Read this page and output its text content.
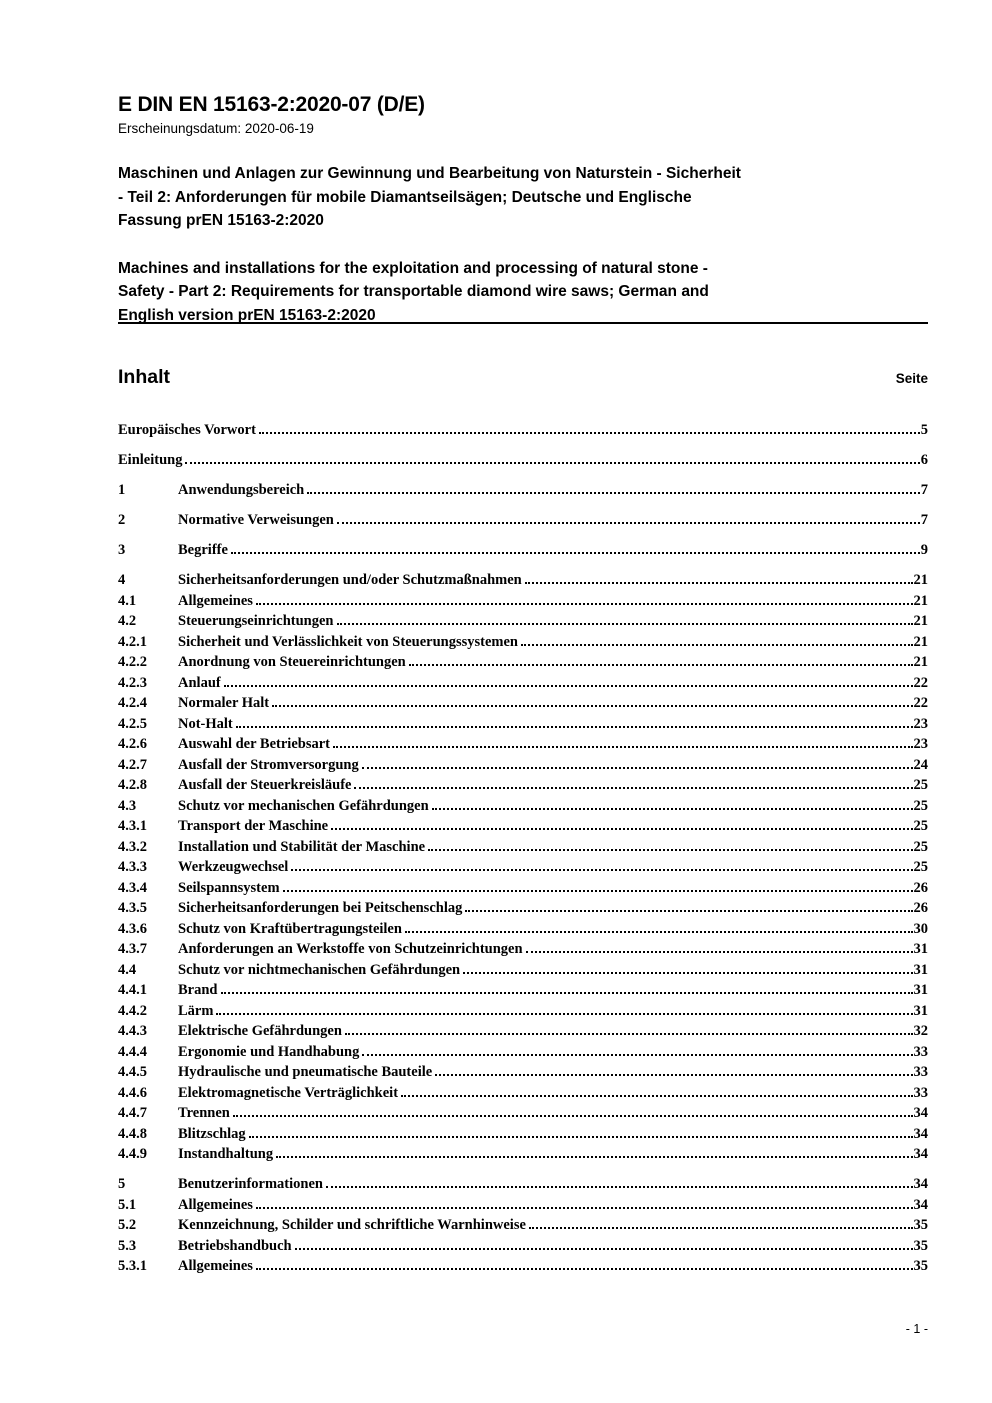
E DIN EN 15163-2:2020-07 (D/E)
Erscheinungsdatum: 2020-06-19
Maschinen und Anlagen zur Gewinnung und Bearbeitung von Naturstein - Sicherheit
- Teil 2: Anforderungen für mobile Diamantseilsägen; Deutsche und Englische
Fassung prEN 15163-2:2020
Machines and installations for the exploitation and processing of natural stone -
Safety - Part 2: Requirements for transportable diamond wire saws; German and
English version prEN 15163-2:2020
Inhalt	Seite
Europäisches Vorwort	5
Einleitung	6
1	Anwendungsbereich	7
2	Normative Verweisungen	7
3	Begriffe	9
4	Sicherheitsanforderungen und/oder Schutzmaßnahmen	21
4.1	Allgemeines	21
4.2	Steuerungseinrichtungen	21
4.2.1	Sicherheit und Verlässlichkeit von Steuerungssystemen	21
4.2.2	Anordnung von Steuereinrichtungen	21
4.2.3	Anlauf	22
4.2.4	Normaler Halt	22
4.2.5	Not-Halt	23
4.2.6	Auswahl der Betriebsart	23
4.2.7	Ausfall der Stromversorgung	24
4.2.8	Ausfall der Steuerkreisläufe	25
4.3	Schutz vor mechanischen Gefährdungen	25
4.3.1	Transport der Maschine	25
4.3.2	Installation und Stabilität der Maschine	25
4.3.3	Werkzeugwechsel	25
4.3.4	Seilspannsystem	26
4.3.5	Sicherheitsanforderungen bei Peitschenschlag	26
4.3.6	Schutz von Kraftübertragungsteilen	30
4.3.7	Anforderungen an Werkstoffe von Schutzeinrichtungen	31
4.4	Schutz vor nichtmechanischen Gefährdungen	31
4.4.1	Brand	31
4.4.2	Lärm	31
4.4.3	Elektrische Gefährdungen	32
4.4.4	Ergonomie und Handhabung	33
4.4.5	Hydraulische und pneumatische Bauteile	33
4.4.6	Elektromagnetische Verträglichkeit	33
4.4.7	Trennen	34
4.4.8	Blitzschlag	34
4.4.9	Instandhaltung	34
5	Benutzerinformationen	34
5.1	Allgemeines	34
5.2	Kennzeichnung, Schilder und schriftliche Warnhinweise	35
5.3	Betriebshandbuch	35
5.3.1	Allgemeines	35
- 1 -
